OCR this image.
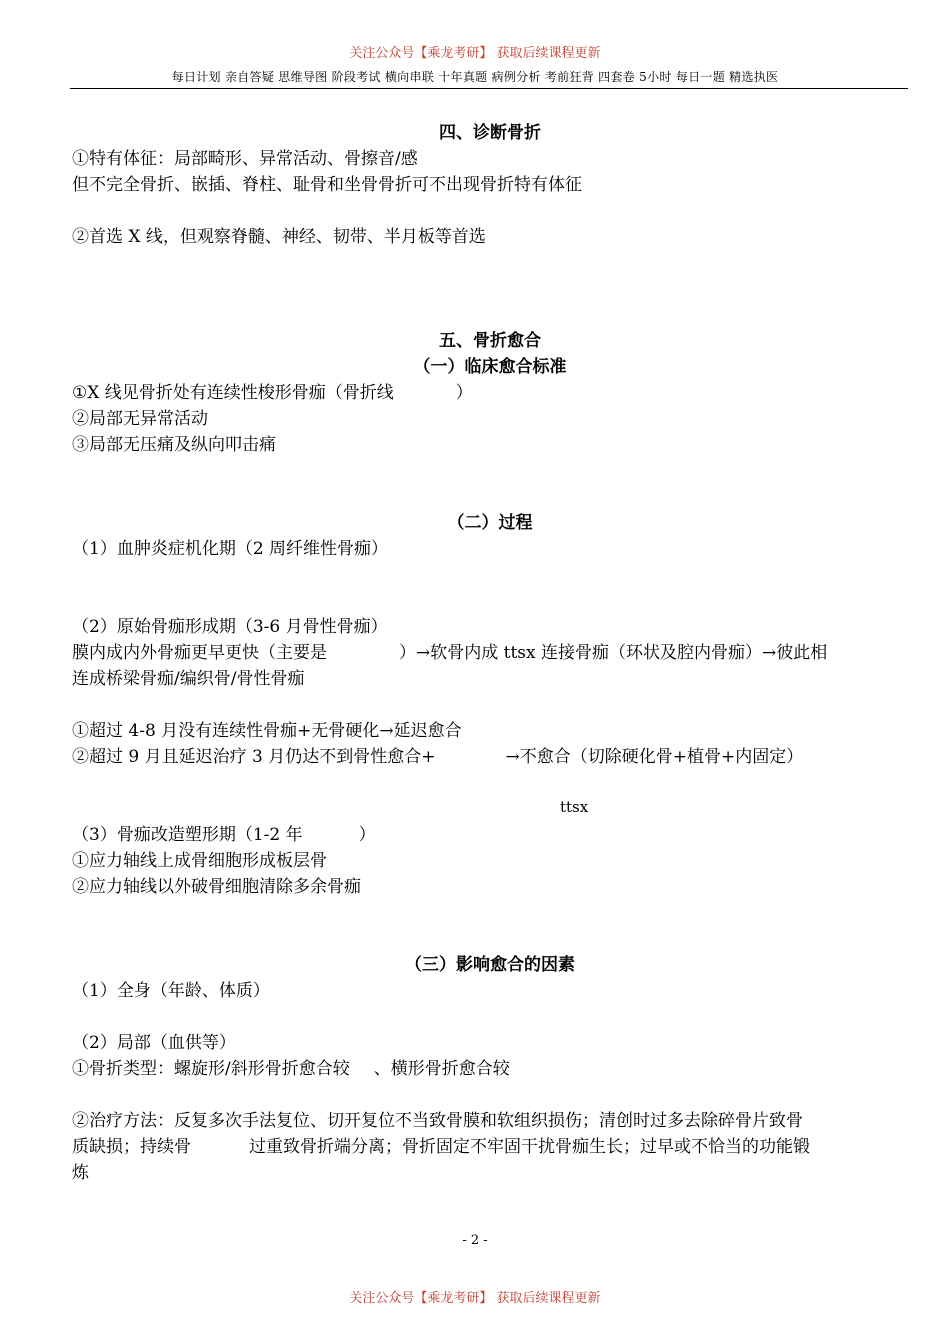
关注公众号【乘龙考研】 获取后续课程更新
每日计划 亲自答疑 思维导图 阶段考试 横向串联 十年真题 病例分析 考前狂背 四套卷 5小时 每日一题 精选执医
四、诊断骨折
①特有体征：局部畸形、异常活动、骨擦音/感
但不完全骨折、嵌插、脊柱、耻骨和坐骨骨折可不出现骨折特有体征
②首选 X 线，但观察脊髓、神经、韧带、半月板等首选
五、骨折愈合
（一）临床愈合标准
①X 线见骨折处有连续性梭形骨痂（骨折线	）
②局部无异常活动
③局部无压痛及纵向叩击痛
（二）过程
（1）血肿炎症机化期（2 周纤维性骨痂）
（2）原始骨痂形成期（3-6 月骨性骨痂）
膜内成内外骨痂更早更快（主要是	）→软骨内成 ttsx 连接骨痂（环状及腔内骨痂）→彼此相
连成桥梁骨痂/编织骨/骨性骨痂
①超过 4-8 月没有连续性骨痂+无骨硬化→延迟愈合
②超过 9 月且延迟治疗 3 月仍达不到骨性愈合+	→不愈合（切除硬化骨+植骨+内固定）
ttsx
（3）骨痂改造塑形期（1-2 年	）
①应力轴线上成骨细胞形成板层骨
②应力轴线以外破骨细胞清除多余骨痂
（三）影响愈合的因素
（1）全身（年龄、体质）
（2）局部（血供等）
①骨折类型：螺旋形/斜形骨折愈合较 、横形骨折愈合较
②治疗方法：反复多次手法复位、切开复位不当致骨膜和软组织损伤；清创时过多去除碎骨片致骨
质缺损；持续骨	过重致骨折端分离；骨折固定不牢固干扰骨痂生长；过早或不恰当的功能锻
炼
- 2 -
关注公众号【乘龙考研】 获取后续课程更新
